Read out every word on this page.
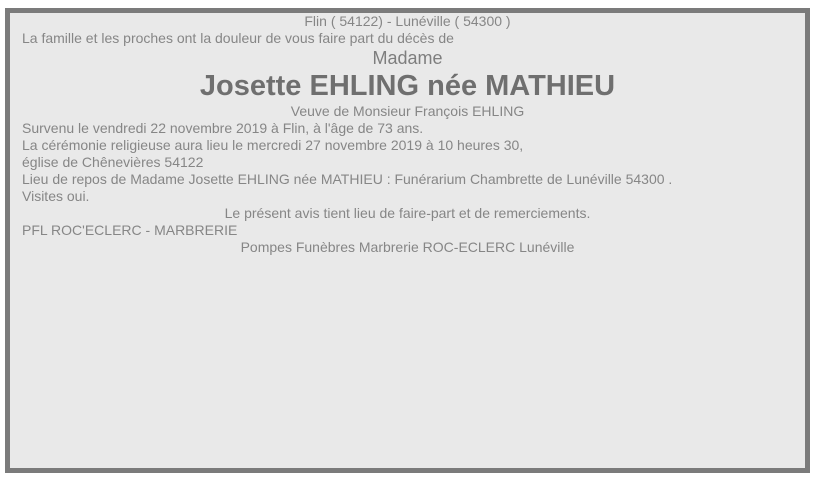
Flin ( 54122) - Lunéville ( 54300 )

La famille et les proches ont la douleur de vous faire part du décès de

Madame

Josette EHLING née MATHIEU

Veuve de Monsieur François EHLING

Survenu le vendredi 22 novembre 2019 à Flin, à l'âge de 73 ans.

La cérémonie religieuse aura lieu le mercredi 27 novembre 2019 à 10 heures 30,
église de Chênevières 54122

Lieu de repos de Madame Josette EHLING née MATHIEU : Funérarium Chambrette de Lunéville 54300 .

Visites oui.

Le présent avis tient lieu de faire-part et de remerciements.

PFL ROC'ECLERC - MARBRERIE

Pompes Funèbres Marbrerie ROC-ECLERC Lunéville
